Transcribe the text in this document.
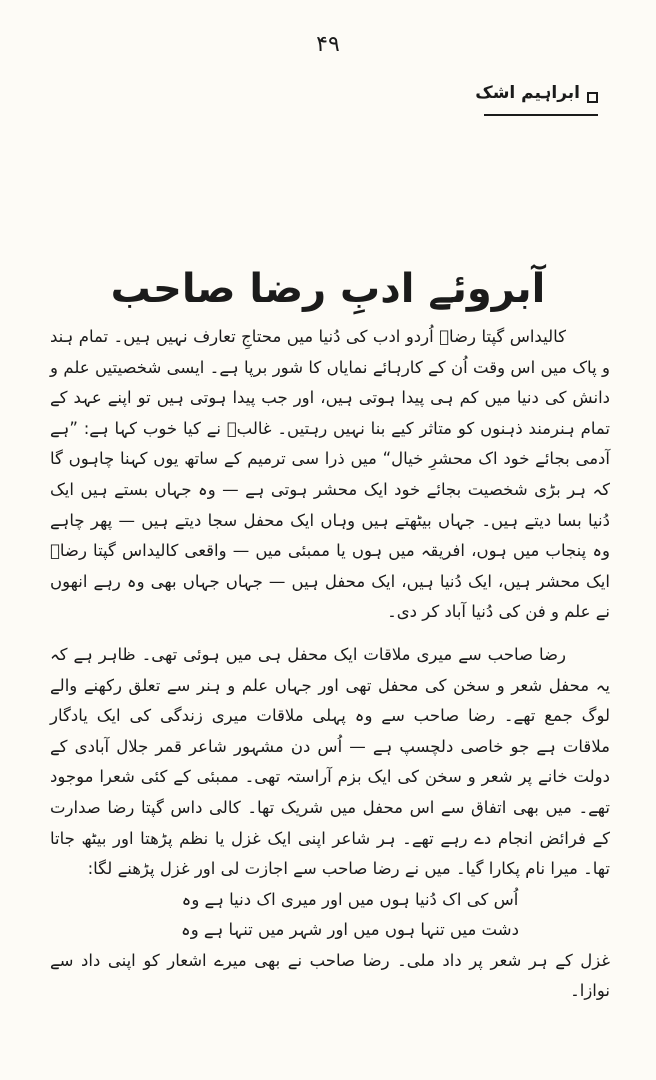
۴۹
ابراہیم اشک
آبروئے ادبِ رضا صاحب

کالیداس گپتا رضاؔ اُردو ادب کی دُنیا میں محتاجِ تعارف نہیں ہیں۔ تمام ہند و پاک میں اس وقت اُن کے کارہائے نمایاں کا شور برپا ہے۔ ایسی شخصیتیں علم و دانش کی دنیا میں کم ہی پیدا ہوتی ہیں، اور جب پیدا ہوتی ہیں تو اپنے عہد کے تمام ہنرمند ذہنوں کو متاثر کیے بنا نہیں رہتیں۔ غالبؔ نے کیا خوب کہا ہے: ”ہے آدمی بجائے خود اک محشرِ خیال“ میں ذرا سی ترمیم کے ساتھ یوں کہنا چاہوں گا کہ ہر بڑی شخصیت بجائے خود ایک محشر ہوتی ہے — وہ جہاں بستے ہیں ایک دُنیا بسا دیتے ہیں۔ جہاں بیٹھتے ہیں وہاں ایک محفل سجا دیتے ہیں — پھر چاہے وہ پنجاب میں ہوں، افریقہ میں ہوں یا ممبئی میں — واقعی کالیداس گپتا رضاؔ ایک محشر ہیں، ایک دُنیا ہیں، ایک محفل ہیں — جہاں جہاں بھی وہ رہے انھوں نے علم و فن کی دُنیا آباد کر دی۔

رضا صاحب سے میری ملاقات ایک محفل ہی میں ہوئی تھی۔ ظاہر ہے کہ یہ محفل شعر و سخن کی محفل تھی اور جہاں علم و ہنر سے تعلق رکھنے والے لوگ جمع تھے۔ رضا صاحب سے وہ پہلی ملاقات میری زندگی کی ایک یادگار ملاقات ہے جو خاصی دلچسپ ہے — اُس دن مشہور شاعر قمر جلال آبادی کے دولت خانے پر شعر و سخن کی ایک بزم آراستہ تھی۔ ممبئی کے کئی شعرا موجود تھے۔ میں بھی اتفاق سے اس محفل میں شریک تھا۔ کالی داس گپتا رضا صدارت کے فرائض انجام دے رہے تھے۔ ہر شاعر اپنی ایک غزل یا نظم پڑھتا اور بیٹھ جاتا تھا۔ میرا نام پکارا گیا۔ میں نے رضا صاحب سے اجازت لی اور غزل پڑھنے لگا:

اُس کی اک دُنیا ہوں میں اور میری اک دنیا ہے وہ

دشت میں تنہا ہوں میں اور شہر میں تنہا ہے وہ

غزل کے ہر شعر پر داد ملی۔ رضا صاحب نے بھی میرے اشعار کو اپنی داد سے نوازا۔
